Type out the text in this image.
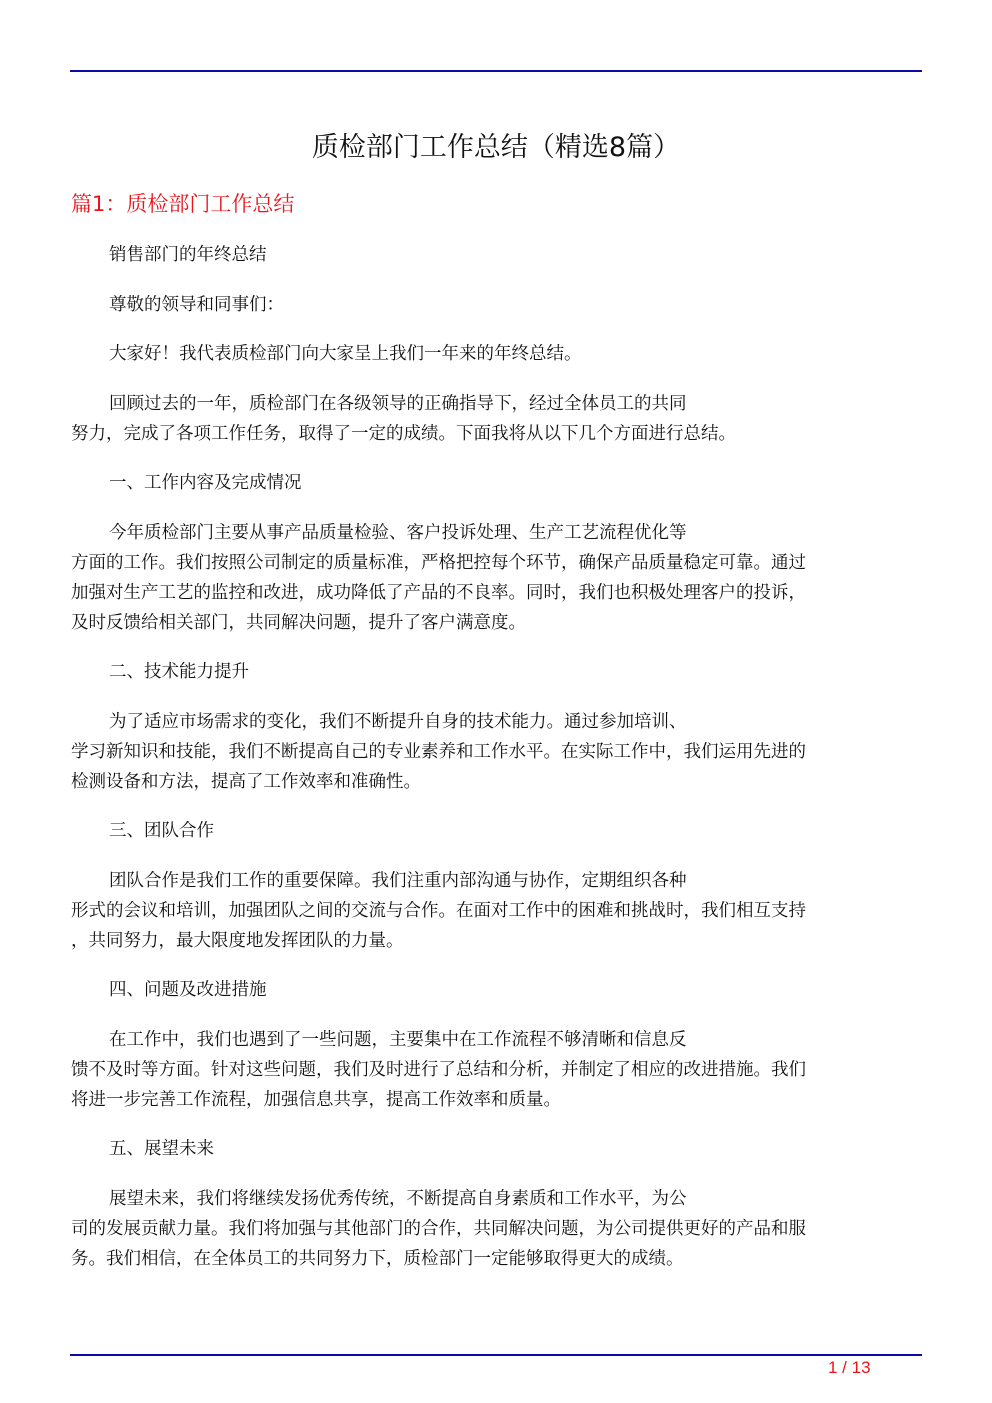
质检部门工作总结（精选8篇）
篇1：质检部门工作总结
销售部门的年终总结
尊敬的领导和同事们：
大家好！我代表质检部门向大家呈上我们一年来的年终总结。
回顾过去的一年，质检部门在各级领导的正确指导下，经过全体员工的共同
努力，完成了各项工作任务，取得了一定的成绩。下面我将从以下几个方面进行总结。
一、工作内容及完成情况
今年质检部门主要从事产品质量检验、客户投诉处理、生产工艺流程优化等
方面的工作。我们按照公司制定的质量标准，严格把控每个环节，确保产品质量稳定可靠。通过
加强对生产工艺的监控和改进，成功降低了产品的不良率。同时，我们也积极处理客户的投诉，
及时反馈给相关部门，共同解决问题，提升了客户满意度。
二、技术能力提升
为了适应市场需求的变化，我们不断提升自身的技术能力。通过参加培训、
学习新知识和技能，我们不断提高自己的专业素养和工作水平。在实际工作中，我们运用先进的
检测设备和方法，提高了工作效率和准确性。
三、团队合作
团队合作是我们工作的重要保障。我们注重内部沟通与协作，定期组织各种
形式的会议和培训，加强团队之间的交流与合作。在面对工作中的困难和挑战时，我们相互支持
，共同努力，最大限度地发挥团队的力量。
四、问题及改进措施
在工作中，我们也遇到了一些问题，主要集中在工作流程不够清晰和信息反
馈不及时等方面。针对这些问题，我们及时进行了总结和分析，并制定了相应的改进措施。我们
将进一步完善工作流程，加强信息共享，提高工作效率和质量。
五、展望未来
展望未来，我们将继续发扬优秀传统，不断提高自身素质和工作水平，为公
司的发展贡献力量。我们将加强与其他部门的合作，共同解决问题，为公司提供更好的产品和服
务。我们相信，在全体员工的共同努力下，质检部门一定能够取得更大的成绩。
1 / 13
